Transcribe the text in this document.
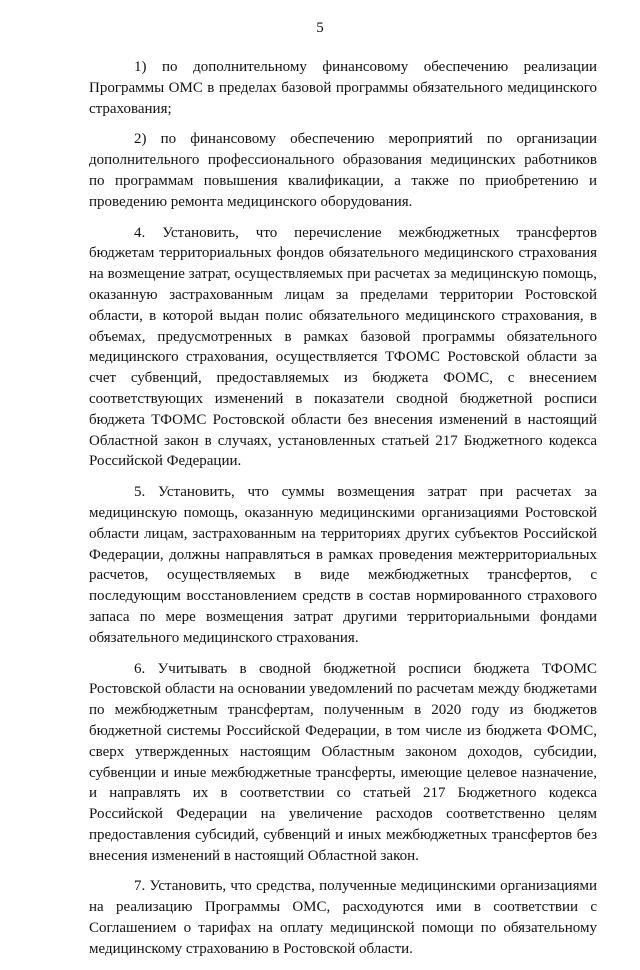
5

1) по дополнительному финансовому обеспечению реализации Программы ОМС в пределах базовой программы обязательного медицинского страхования;

2) по финансовому обеспечению мероприятий по организации дополнительного профессионального образования медицинских работников по программам повышения квалификации, а также по приобретению и проведению ремонта медицинского оборудования.

4. Установить, что перечисление межбюджетных трансфертов бюджетам территориальных фондов обязательного медицинского страхования на возмещение затрат, осуществляемых при расчетах за медицинскую помощь, оказанную застрахованным лицам за пределами территории Ростовской области, в которой выдан полис обязательного медицинского страхования, в объемах, предусмотренных в рамках базовой программы обязательного медицинского страхования, осуществляется ТФОМС Ростовской области за счет субвенций, предоставляемых из бюджета ФОМС, с внесением соответствующих изменений в показатели сводной бюджетной росписи бюджета ТФОМС Ростовской области без внесения изменений в настоящий Областной закон в случаях, установленных статьей 217 Бюджетного кодекса Российской Федерации.

5. Установить, что суммы возмещения затрат при расчетах за медицинскую помощь, оказанную медицинскими организациями Ростовской области лицам, застрахованным на территориях других субъектов Российской Федерации, должны направляться в рамках проведения межтерриториальных расчетов, осуществляемых в виде межбюджетных трансфертов, с последующим восстановлением средств в состав нормированного страхового запаса по мере возмещения затрат другими территориальными фондами обязательного медицинского страхования.

6. Учитывать в сводной бюджетной росписи бюджета ТФОМС Ростовской области на основании уведомлений по расчетам между бюджетами по межбюджетным трансфертам, полученным в 2020 году из бюджетов бюджетной системы Российской Федерации, в том числе из бюджета ФОМС, сверх утвержденных настоящим Областным законом доходов, субсидии, субвенции и иные межбюджетные трансферты, имеющие целевое назначение, и направлять их в соответствии со статьей 217 Бюджетного кодекса Российской Федерации на увеличение расходов соответственно целям предоставления субсидий, субвенций и иных межбюджетных трансфертов без внесения изменений в настоящий Областной закон.

7. Установить, что средства, полученные медицинскими организациями на реализацию Программы ОМС, расходуются ими в соответствии с Соглашением о тарифах на оплату медицинской помощи по обязательному медицинскому страхованию в Ростовской области.
